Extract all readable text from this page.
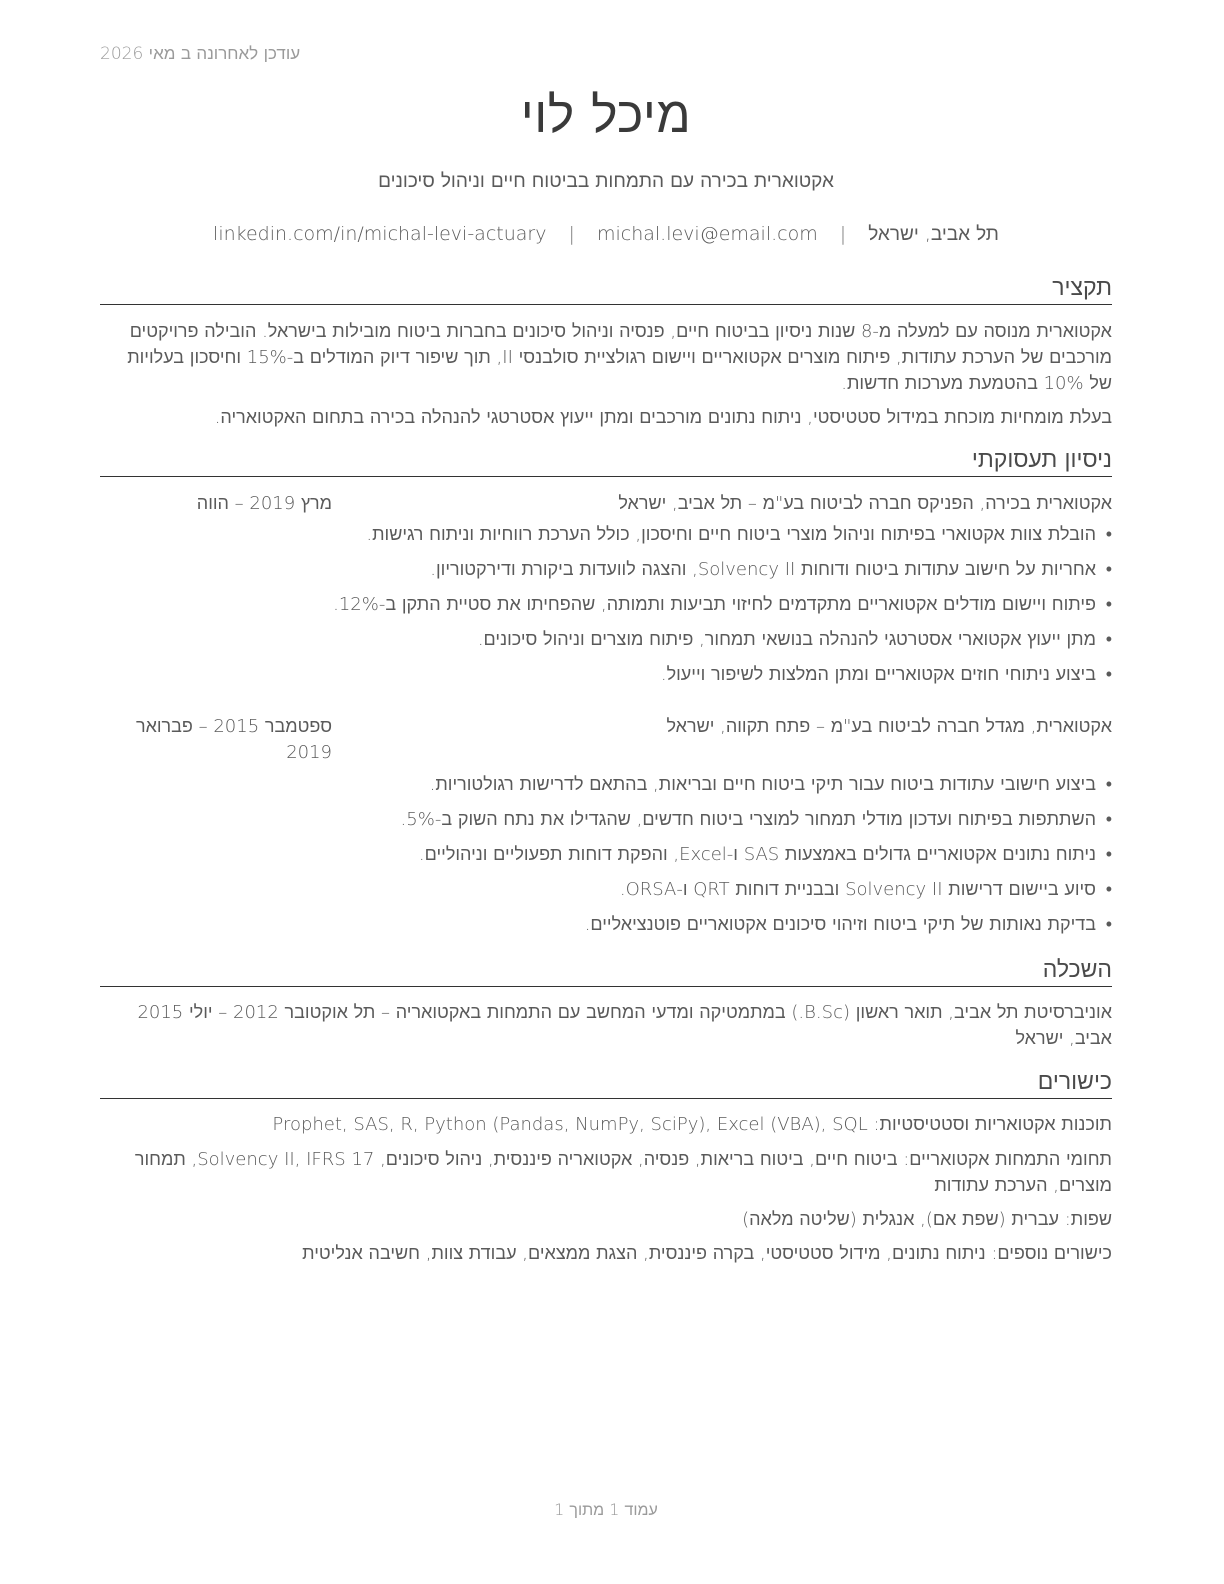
עודכן לאחרונה ב מאי 2026
מיכל לוי
אקטוארית בכירה עם התמחות בביטוח חיים וניהול סיכונים
תל אביב, ישראל | michal.levi@email.com | linkedin.com/in/michal-levi-actuary
תקציר
אקטוארית מנוסה עם למעלה מ-8 שנות ניסיון בביטוח חיים, פנסיה וניהול סיכונים בחברות ביטוח מובילות בישראל. הובילה פרויקטים מורכבים של הערכת עתודות, פיתוח מוצרים אקטואריים ויישום רגולציית סולבנסי II, תוך שיפור דיוק המודלים ב-15% וחיסכון בעלויות של 10% בהטמעת מערכות חדשות.
בעלת מומחיות מוכחת במידול סטטיסטי, ניתוח נתונים מורכבים ומתן ייעוץ אסטרטגי להנהלה בכירה בתחום האקטואריה.
ניסיון תעסוקתי
אקטוארית בכירה, הפניקס חברה לביטוח בע"מ – תל אביב, ישראל
מרץ 2019 – הווה
•
הובלת צוות אקטוארי בפיתוח וניהול מוצרי ביטוח חיים וחיסכון, כולל הערכת רווחיות וניתוח רגישות.
•
אחריות על חישוב עתודות ביטוח ודוחות Solvency II, והצגה לוועדות ביקורת ודירקטוריון.
•
פיתוח ויישום מודלים אקטואריים מתקדמים לחיזוי תביעות ותמותה, שהפחיתו את סטיית התקן ב-12%.
•
מתן ייעוץ אקטוארי אסטרטגי להנהלה בנושאי תמחור, פיתוח מוצרים וניהול סיכונים.
•
ביצוע ניתוחי חוזים אקטואריים ומתן המלצות לשיפור וייעול.
אקטוארית, מגדל חברה לביטוח בע"מ – פתח תקווה, ישראל
ספטמבר 2015 – פברואר 2019
•
ביצוע חישובי עתודות ביטוח עבור תיקי ביטוח חיים ובריאות, בהתאם לדרישות רגולטוריות.
•
השתתפות בפיתוח ועדכון מודלי תמחור למוצרי ביטוח חדשים, שהגדילו את נתח השוק ב-5%.
•
ניתוח נתונים אקטואריים גדולים באמצעות SAS ו-Excel, והפקת דוחות תפעוליים וניהוליים.
•
סיוע ביישום דרישות Solvency II ובבניית דוחות QRT ו-ORSA.
•
בדיקת נאותות של תיקי ביטוח וזיהוי סיכונים אקטואריים פוטנציאליים.
השכלה
אוניברסיטת תל אביב, תואר ראשון (B.Sc.) במתמטיקה ומדעי המחשב עם התמחות באקטואריה – תל אוקטובר 2012 – יולי 2015 אביב, ישראל
כישורים
תוכנות אקטואריות וסטטיסטיות: Prophet, SAS, R, Python (Pandas, NumPy, SciPy), Excel (VBA), SQL
תחומי התמחות אקטואריים: ביטוח חיים, ביטוח בריאות, פנסיה, אקטואריה פיננסית, ניהול סיכונים, Solvency II, IFRS 17, תמחור מוצרים, הערכת עתודות
שפות: עברית (שפת אם), אנגלית (שליטה מלאה)
כישורים נוספים: ניתוח נתונים, מידול סטטיסטי, בקרה פיננסית, הצגת ממצאים, עבודת צוות, חשיבה אנליטית
עמוד 1 מתוך 1
